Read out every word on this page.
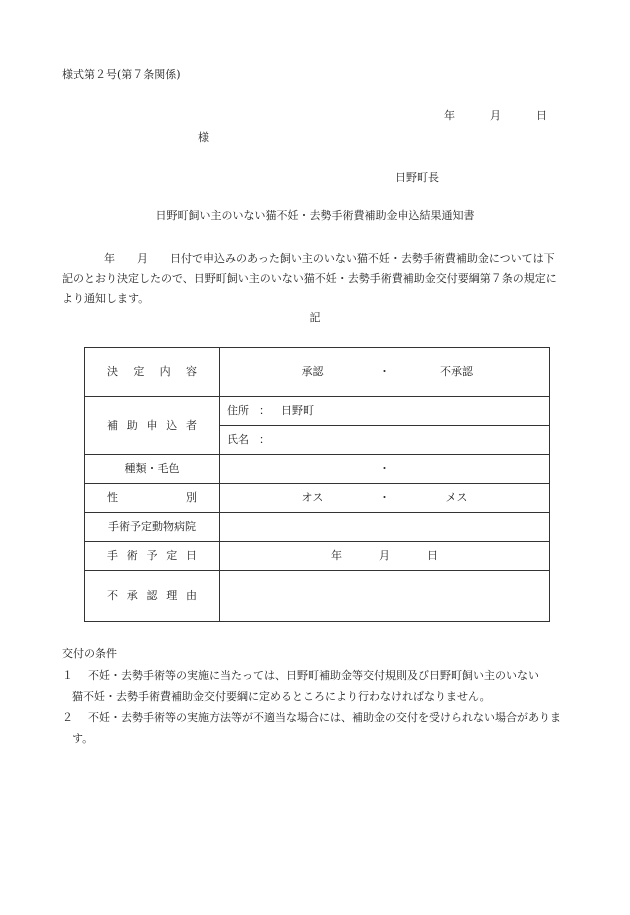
様式第２号(第７条関係)
年	月	日
様
日野町長
日野町飼い主のいない猫不妊・去勢手術費補助金申込結果通知書
　　年　　月　　日付で申込みのあった飼い主のいない猫不妊・去勢手術費補助金については下
記のとおり決定したので、日野町飼い主のいない猫不妊・去勢手術費補助金交付要綱第７条の規定に
より通知します。
記
決 定 内 容	承認 ・ 不承認

補 助 申 込 者	住所 ： 日野町

	氏名 ：

種類・毛色	・

性 別	オス ・ メス

手術予定動物病院	

手 術 予 定 日	年 月 日

不 承 認 理 由	

交付の条件
１	不妊・去勢手術等の実施に当たっては、日野町補助金等交付規則及び日野町飼い主のいない
猫不妊・去勢手術費補助金交付要綱に定めるところにより行わなければなりません。
２	不妊・去勢手術等の実施方法等が不適当な場合には、補助金の交付を受けられない場合がありま
す。
